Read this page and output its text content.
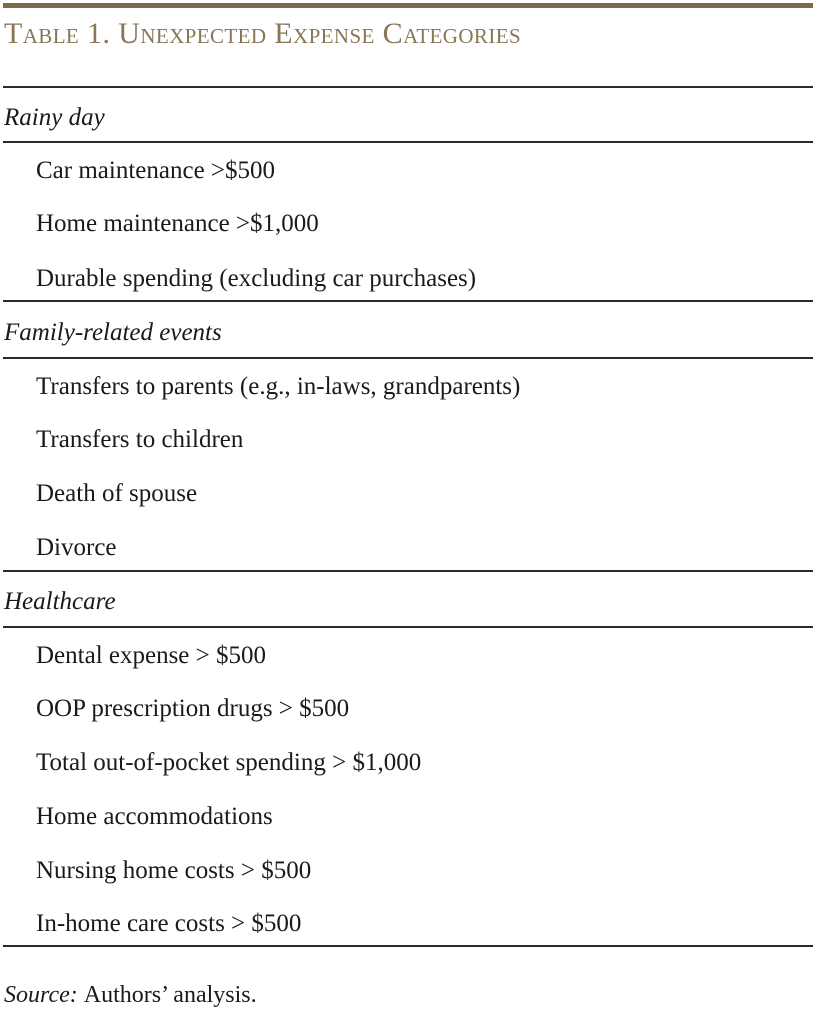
Table 1. Unexpected Expense Categories
Rainy day
Car maintenance >$500
Home maintenance >$1,000
Durable spending (excluding car purchases)
Family-related events
Transfers to parents (e.g., in-laws, grandparents)
Transfers to children
Death of spouse
Divorce
Healthcare
Dental expense > $500
OOP prescription drugs > $500
Total out-of-pocket spending > $1,000
Home accommodations
Nursing home costs > $500
In-home care costs > $500
Source: Authors’ analysis.
